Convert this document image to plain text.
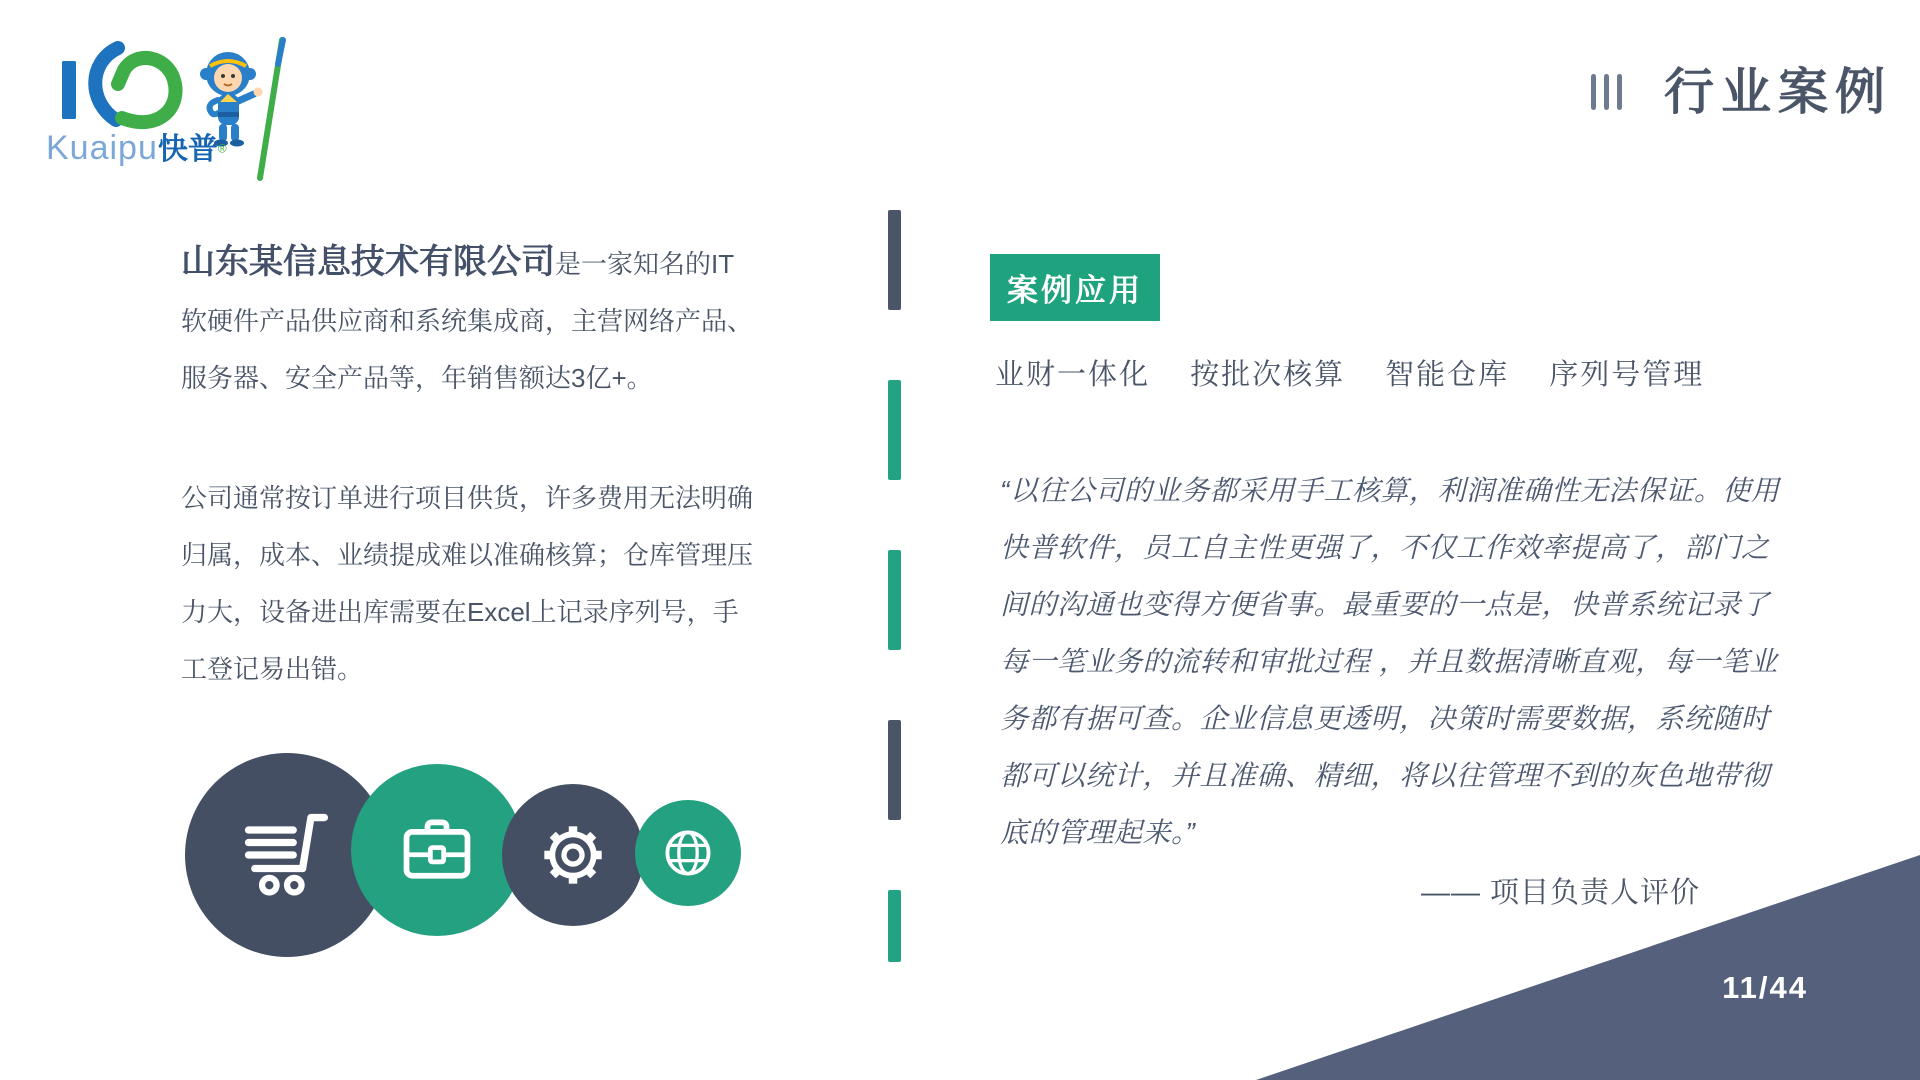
Kuaipu快普®
行业案例
山东某信息技术有限公司是一家知名的IT软硬件产品供应商和系统集成商，主营网络产品、服务器、安全产品等，年销售额达3亿+。
公司通常按订单进行项目供货，许多费用无法明确归属，成本、业绩提成难以准确核算；仓库管理压力大，设备进出库需要在Excel上记录序列号，手工登记易出错。
案例应用
业财一体化 按批次核算 智能仓库 序列号管理
“以往公司的业务都采用手工核算，利润准确性无法保证。使用快普软件，员工自主性更强了，不仅工作效率提高了，部门之间的沟通也变得方便省事。最重要的一点是，快普系统记录了每一笔业务的流转和审批过程 ，并且数据清晰直观，每一笔业务都有据可查。企业信息更透明，决策时需要数据，系统随时都可以统计，并且准确、精细，将以往管理不到的灰色地带彻底的管理起来。”
—— 项目负责人评价
11/44
